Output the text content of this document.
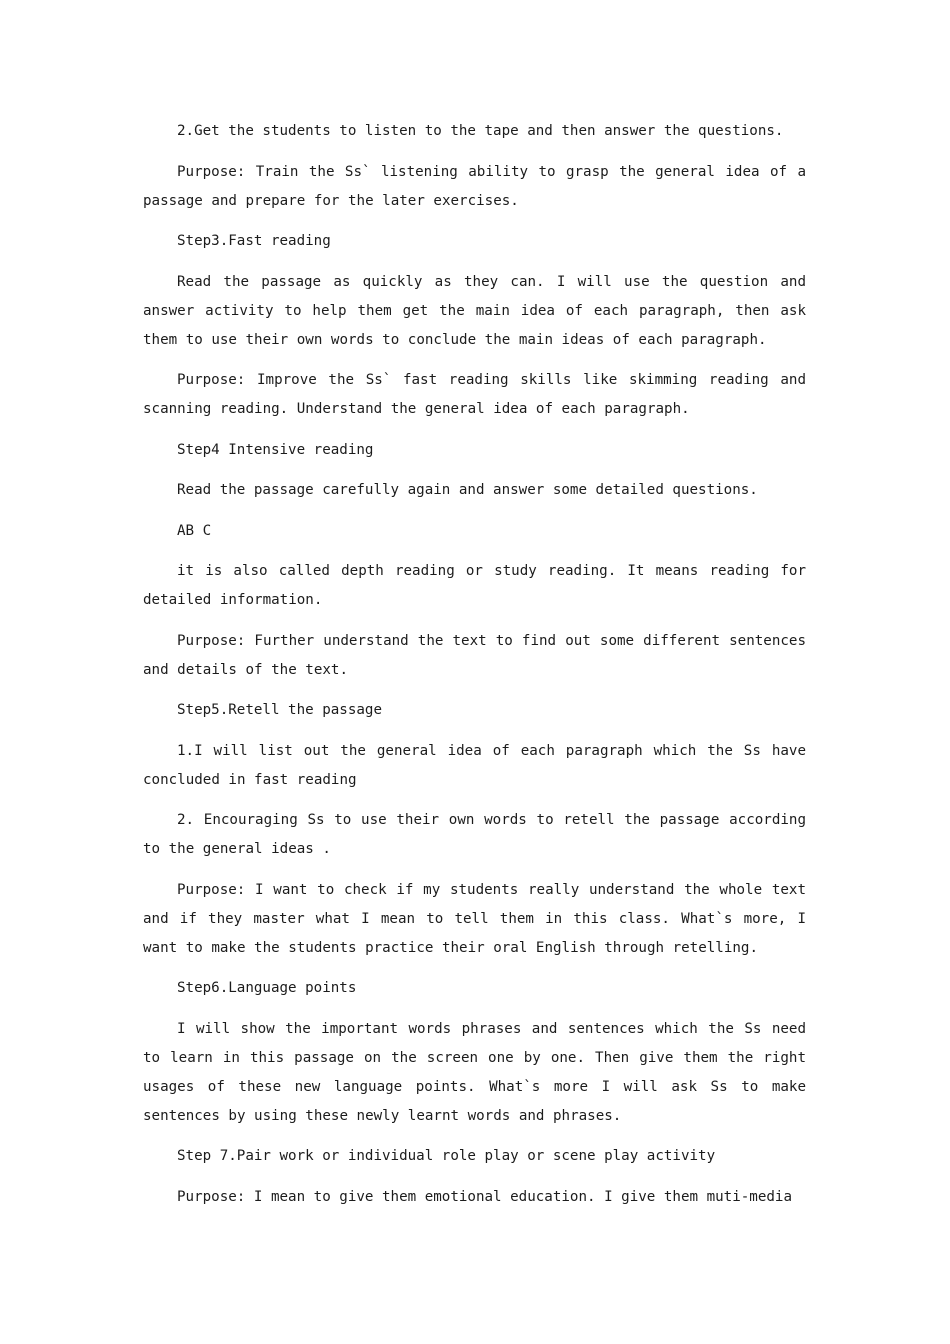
2.Get the students to listen to the tape and then answer the questions.

Purpose: Train the Ss` listening ability to grasp the general idea of a passage and prepare for the later exercises.

Step3.Fast reading

Read the passage as quickly as they can. I will use the question and answer activity to help them get the main idea of each paragraph, then ask them to use their own words to conclude the main ideas of each paragraph.

Purpose: Improve the Ss` fast reading skills like skimming reading and scanning reading. Understand the general idea of each paragraph.

Step4 Intensive reading

Read the passage carefully again and answer some detailed questions.

AB C

it is also called depth reading or study reading. It means reading for detailed information.

Purpose: Further understand the text to find out some different sentences and details of the text.

Step5.Retell the passage

1.I will list out the general idea of each paragraph which the Ss have concluded in fast reading

2. Encouraging Ss to use their own words to retell the passage according to the general ideas .

Purpose: I want to check if my students really understand the whole text and if they master what I mean to tell them in this class. What`s more, I want to make the students practice their oral English through retelling.

Step6.Language points

I will show the important words phrases and sentences which the Ss need to learn in this passage on the screen one by one. Then give them the right usages of these new language points. What`s more I will ask Ss to make sentences by using these newly learnt words and phrases.

Step 7.Pair work or individual role play or scene play activity

Purpose: I mean to give them emotional education. I give them muti-media
